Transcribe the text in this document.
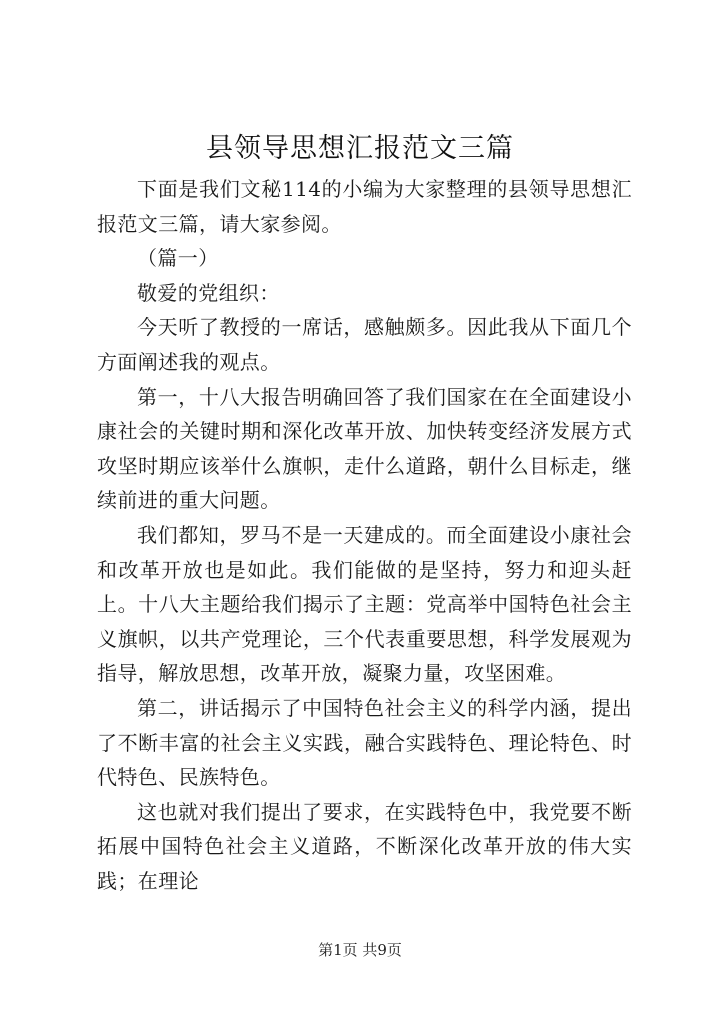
县领导思想汇报范文三篇

下面是我们文秘114的小编为大家整理的县领导思想汇报范文三篇，请大家参阅。

（篇一）

敬爱的党组织：

今天听了教授的一席话，感触颇多。因此我从下面几个方面阐述我的观点。

第一，十八大报告明确回答了我们国家在在全面建设小康社会的关键时期和深化改革开放、加快转变经济发展方式攻坚时期应该举什么旗帜，走什么道路，朝什么目标走，继续前进的重大问题。

我们都知，罗马不是一天建成的。而全面建设小康社会和改革开放也是如此。我们能做的是坚持，努力和迎头赶上。十八大主题给我们揭示了主题：党高举中国特色社会主义旗帜，以共产党理论，三个代表重要思想，科学发展观为指导，解放思想，改革开放，凝聚力量，攻坚困难。

第二，讲话揭示了中国特色社会主义的科学内涵，提出了不断丰富的社会主义实践，融合实践特色、理论特色、时代特色、民族特色。

这也就对我们提出了要求，在实践特色中，我党要不断拓展中国特色社会主义道路，不断深化改革开放的伟大实践；在理论

第1页 共9页
